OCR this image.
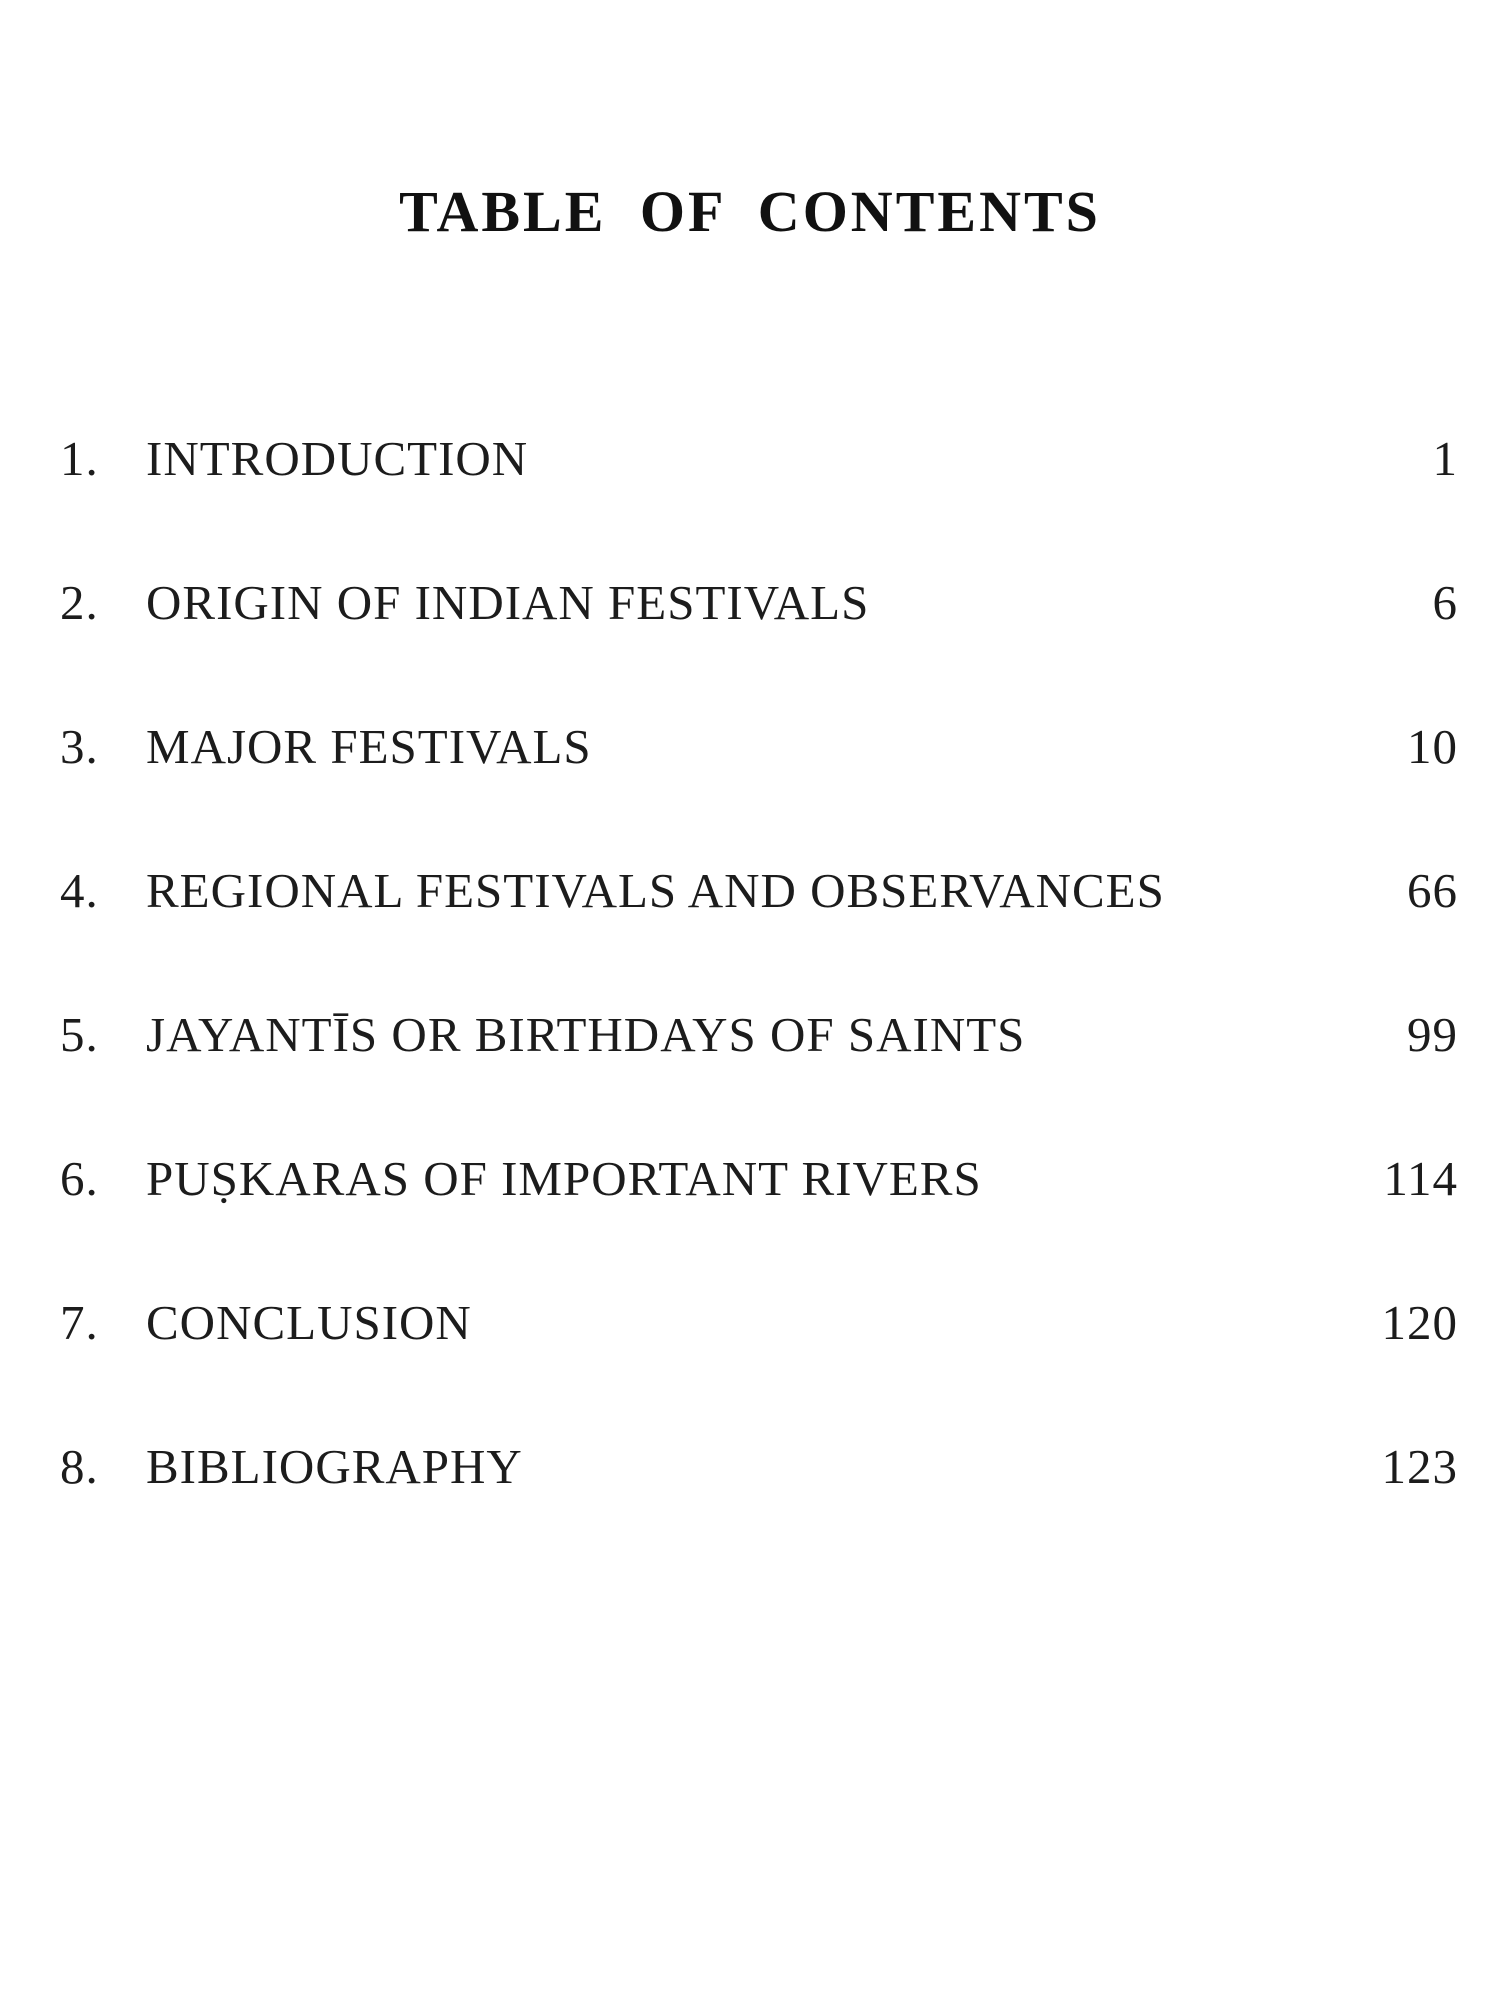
TABLE OF CONTENTS
1. INTRODUCTION	1
2. ORIGIN OF INDIAN FESTIVALS	6
3. MAJOR FESTIVALS	10
4. REGIONAL FESTIVALS AND OBSERVANCES	66
5. JAYANTĪS OR BIRTHDAYS OF SAINTS	99
6. PUṢKARAS OF IMPORTANT RIVERS	114
7. CONCLUSION	120
8. BIBLIOGRAPHY	123
